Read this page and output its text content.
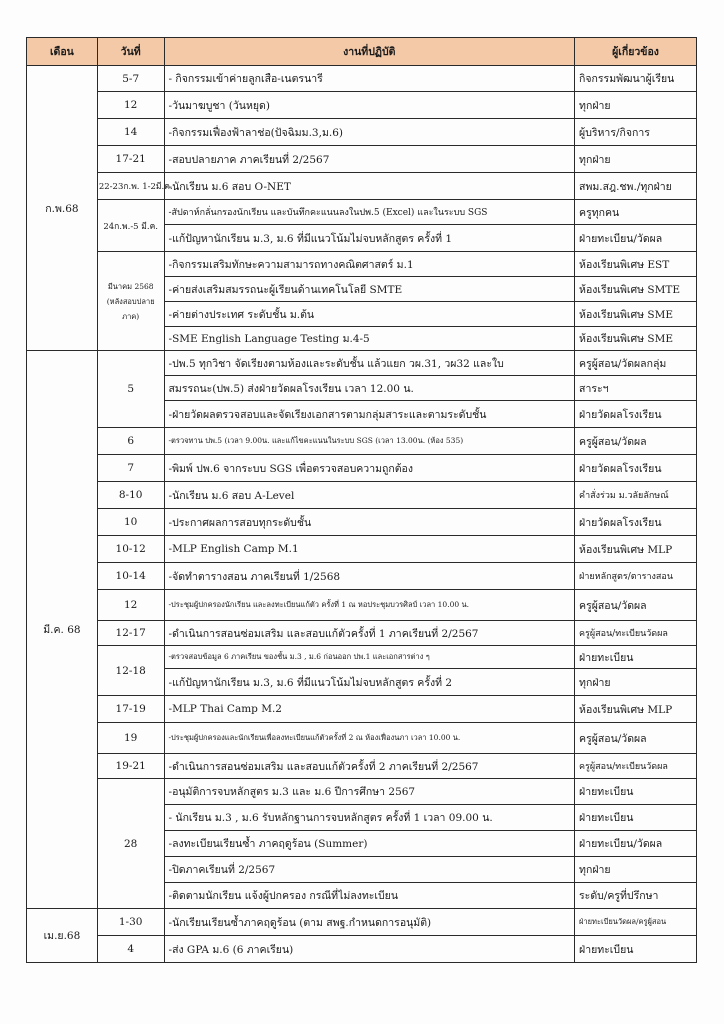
เดือน	วันที่	งานที่ปฏิบัติ	ผู้เกี่ยวข้อง
ก.พ.68	5-7	- กิจกรรมเข้าค่ายลูกเสือ-เนตรนารี	กิจกรรมพัฒนาผู้เรียน
	12	-วันมาฆบูชา (วันหยุด)	ทุกฝ่าย
	14	-กิจกรรมเฟื่องฟ้าลาช่อ(ปัจฉิมม.3,ม.6)	ผู้บริหาร/กิจการ
	17-21	-สอบปลายภาค ภาคเรียนที่ 2/2567	ทุกฝ่าย
	22-23ก.พ. 1-2มี.ค.	-นักเรียน ม.6 สอบ O-NET	สพม.สฎ.ชพ./ทุกฝ่าย
	24ก.พ.-5 มี.ค.	-สัปดาห์กลั่นกรองนักเรียน และบันทึกคะแนนลงในปพ.5 (Excel) และในระบบ SGS	ครูทุกคน
		-แก้ปัญหานักเรียน ม.3, ม.6 ที่มีแนวโน้มไม่จบหลักสูตร ครั้งที่ 1	ฝ่ายทะเบียน/วัดผล
	มีนาคม 2568 (หลังสอบปลายภาค)	-กิจกรรมเสริมทักษะความสามารถทางคณิตศาสตร์ ม.1	ห้องเรียนพิเศษ EST
		-ค่ายส่งเสริมสมรรถนะผู้เรียนด้านเทคโนโลยี SMTE	ห้องเรียนพิเศษ SMTE
		-ค่ายต่างประเทศ ระดับชั้น ม.ต้น	ห้องเรียนพิเศษ SME
		-SME English Language Testing ม.4-5	ห้องเรียนพิเศษ SME
มี.ค. 68	5	-ปพ.5 ทุกวิชา จัดเรียงตามห้องและระดับชั้น แล้วแยก วผ.31, วผ32 และใบ	ครูผู้สอน/วัดผลกลุ่ม
		สมรรถนะ(ปพ.5) ส่งฝ่ายวัดผลโรงเรียน เวลา 12.00 น.	สาระฯ
		-ฝ่ายวัดผลตรวจสอบและจัดเรียงเอกสารตามกลุ่มสาระและตามระดับชั้น	ฝ่ายวัดผลโรงเรียน
	6	-ตรวจทาน ปพ.5 (เวลา 9.00น. และแก้ไขคะแนนในระบบ SGS (เวลา 13.00น. (ห้อง 535)	ครูผู้สอน/วัดผล
	7	-พิมพ์ ปพ.6 จากระบบ SGS เพื่อตรวจสอบความถูกต้อง	ฝ่ายวัดผลโรงเรียน
	8-10	-นักเรียน ม.6 สอบ A-Level	คำสั่งร่วม ม.วลัยลักษณ์
	10	-ประกาศผลการสอบทุกระดับชั้น	ฝ่ายวัดผลโรงเรียน
	10-12	-MLP English Camp M.1	ห้องเรียนพิเศษ MLP
	10-14	-จัดทำตารางสอน ภาคเรียนที่ 1/2568	ฝ่ายหลักสูตร/ตารางสอน
	12	-ประชุมผู้ปกครองนักเรียน และลงทะเบียนแก้ตัว ครั้งที่ 1 ณ หอประชุมบวรศิลป์ เวลา 10.00 น.	ครูผู้สอน/วัดผล
	12-17	-ดำเนินการสอนซ่อมเสริม และสอบแก้ตัวครั้งที่ 1 ภาคเรียนที่ 2/2567	ครูผู้สอน/ทะเบียนวัดผล
	12-18	-ตรวจสอบข้อมูล 6 ภาคเรียน ของชั้น ม.3 , ม.6 ก่อนออก ปพ.1 และเอกสารต่าง ๆ	ฝ่ายทะเบียน
		-แก้ปัญหานักเรียน ม.3, ม.6 ที่มีแนวโน้มไม่จบหลักสูตร ครั้งที่ 2	ทุกฝ่าย
	17-19	-MLP Thai Camp M.2	ห้องเรียนพิเศษ MLP
	19	-ประชุมผู้ปกครองและนักเรียนเพื่อลงทะเบียนแก้ตัวครั้งที่ 2 ณ ห้องเฟื่องนภา เวลา 10.00 น.	ครูผู้สอน/วัดผล
	19-21	-ดำเนินการสอนซ่อมเสริม และสอบแก้ตัวครั้งที่ 2 ภาคเรียนที่ 2/2567	ครูผู้สอน/ทะเบียนวัดผล
	28	-อนุมัติการจบหลักสูตร ม.3 และ ม.6 ปีการศึกษา 2567	ฝ่ายทะเบียน
		- นักเรียน ม.3 , ม.6 รับหลักฐานการจบหลักสูตร ครั้งที่ 1 เวลา 09.00 น.	ฝ่ายทะเบียน
		-ลงทะเบียนเรียนซ้ำ ภาคฤดูร้อน (Summer)	ฝ่ายทะเบียน/วัดผล
		-ปิดภาคเรียนที่ 2/2567	ทุกฝ่าย
		-ติดตามนักเรียน แจ้งผู้ปกครอง กรณีที่ไม่ลงทะเบียน	ระดับ/ครูที่ปรึกษา
เม.ย.68	1-30	-นักเรียนเรียนซ้ำภาคฤดูร้อน (ตาม สพฐ.กำหนดการอนุมัติ)	ฝ่ายทะเบียนวัดผล/ครูผู้สอน
	4	-ส่ง GPA ม.6 (6 ภาคเรียน)	ฝ่ายทะเบียน
